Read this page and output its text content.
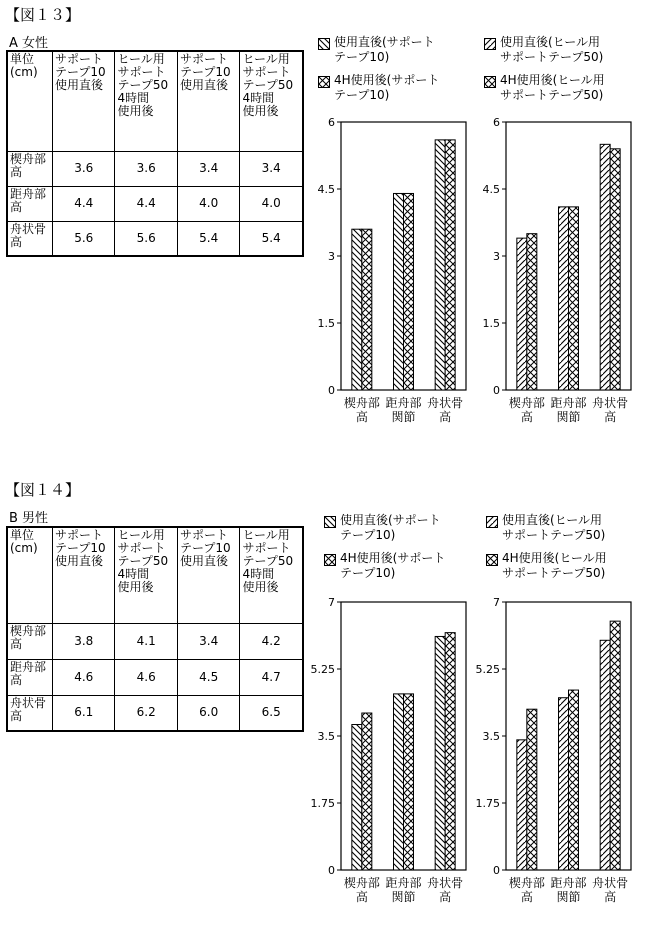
【図１３】
A 女性
単位
(cm)	サポート
テープ10
使用直後	ヒール用
サポート
テープ50
4時間
使用後	サポート
テープ10
使用直後	ヒール用
サポート
テープ50
4時間
使用後
楔舟部
高	3.6	3.6	3.4	3.4
距舟部
高	4.4	4.4	4.0	4.0
舟状骨
高	5.6	5.6	5.4	5.4
使用直後(サポート
テープ10)
4H使用後(サポート
テープ10)
使用直後(ヒール用
サポートテープ50)
4H使用後(ヒール用
サポートテープ50)
0
1.5
3
4.5
6
楔舟部
高
距舟部
関節
舟状骨
高
0
1.5
3
4.5
6
楔舟部
高
距舟部
関節
舟状骨
高
【図１４】
B 男性
単位
(cm)	サポート
テープ10
使用直後	ヒール用
サポート
テープ50
4時間
使用後	サポート
テープ10
使用直後	ヒール用
サポート
テープ50
4時間
使用後
楔舟部
高	3.8	4.1	3.4	4.2
距舟部
高	4.6	4.6	4.5	4.7
舟状骨
高	6.1	6.2	6.0	6.5
使用直後(サポート
テープ10)
4H使用後(サポート
テープ10)
使用直後(ヒール用
サポートテープ50)
4H使用後(ヒール用
サポートテープ50)
0
1.75
3.5
5.25
7
楔舟部
高
距舟部
関節
舟状骨
高
0
1.75
3.5
5.25
7
楔舟部
高
距舟部
関節
舟状骨
高
